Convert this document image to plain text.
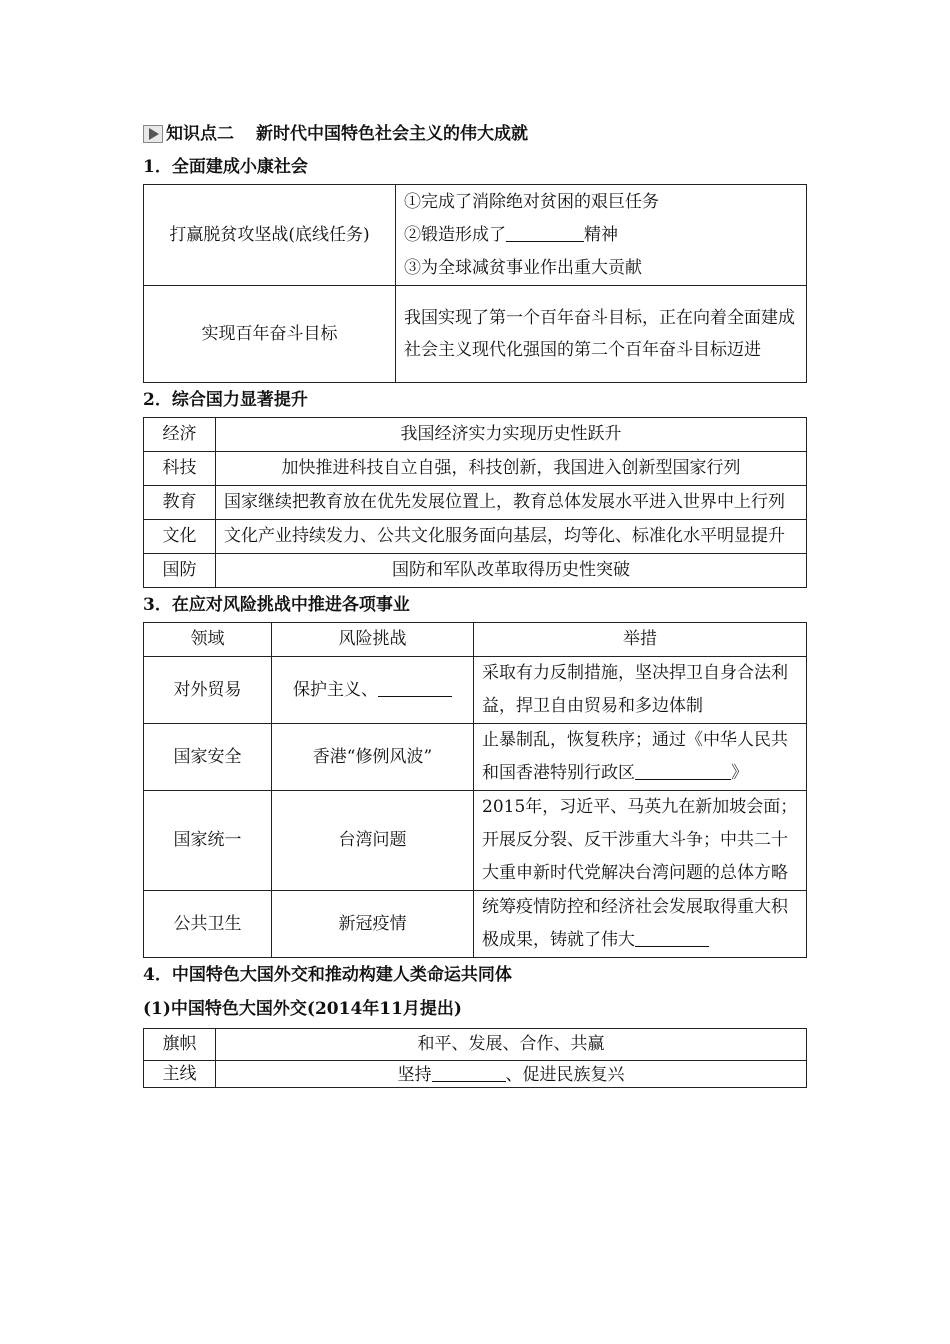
知识点二 新时代中国特色社会主义的伟大成就
1．全面建成小康社会
打赢脱贫攻坚战(底线任务)	①完成了消除绝对贫困的艰巨任务
②锻造形成了 精神
③为全球减贫事业作出重大贡献

实现百年奋斗目标	我国实现了第一个百年奋斗目标，正在向着全面建成社会主义现代化强国的第二个百年奋斗目标迈进
2．综合国力显著提升
经济	我国经济实力实现历史性跃升
科技	加快推进科技自立自强，科技创新，我国进入创新型国家行列
教育	国家继续把教育放在优先发展位置上，教育总体发展水平进入世界中上行列
文化	文化产业持续发力、公共文化服务面向基层，均等化、标准化水平明显提升
国防	国防和军队改革取得历史性突破
3．在应对风险挑战中推进各项事业
领域	风险挑战	举措
对外贸易	保护主义、	采取有力反制措施，坚决捍卫自身合法利益，捍卫自由贸易和多边体制
国家安全	香港“修例风波”	止暴制乱，恢复秩序；通过《中华人民共和国香港特别行政区 》
国家统一	台湾问题	2015年，习近平、马英九在新加坡会面；开展反分裂、反干涉重大斗争；中共二十大重申新时代党解决台湾问题的总体方略
公共卫生	新冠疫情	统筹疫情防控和经济社会发展取得重大积极成果，铸就了伟大
4．中国特色大国外交和推动构建人类命运共同体
(1)中国特色大国外交(2014年11月提出)
旗帜	和平、发展、合作、共赢
主线	坚持 、促进民族复兴
